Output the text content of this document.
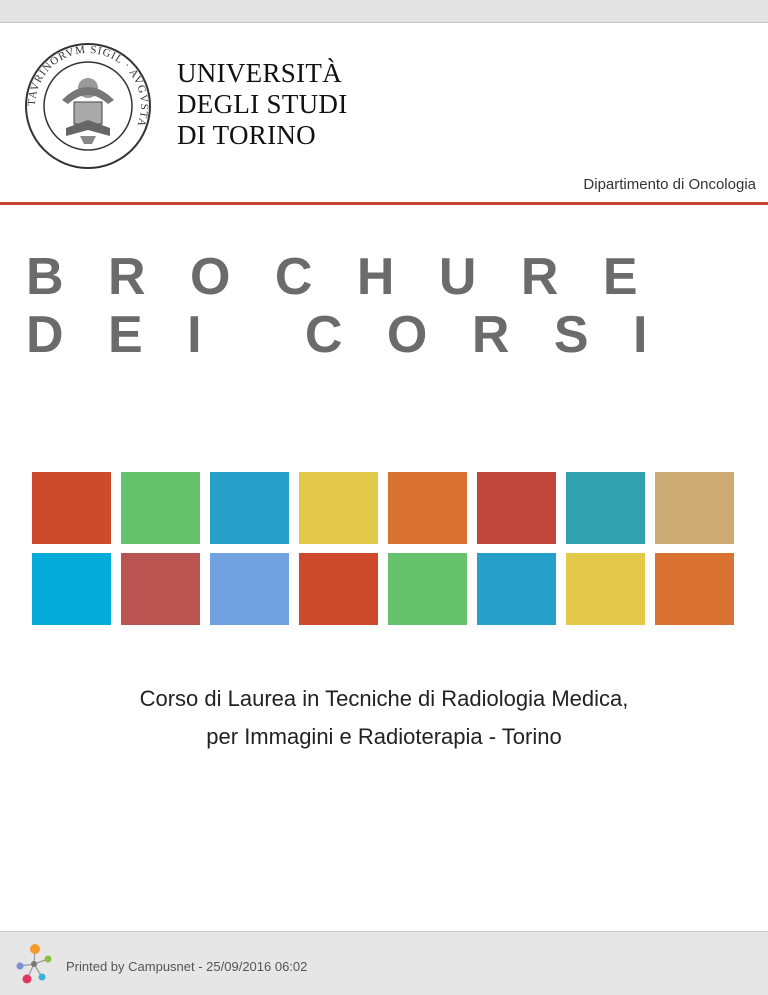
TAVRINORVM SIGIL · AVGVSTA
UNIVERSITÀ
DEGLI STUDI
DI TORINO
Dipartimento di Oncologia
B R O C H U R E
D E I   C O R S I
Corso di Laurea in Tecniche di Radiologia Medica,
per Immagini e Radioterapia - Torino
Printed by Campusnet - 25/09/2016 06:02
